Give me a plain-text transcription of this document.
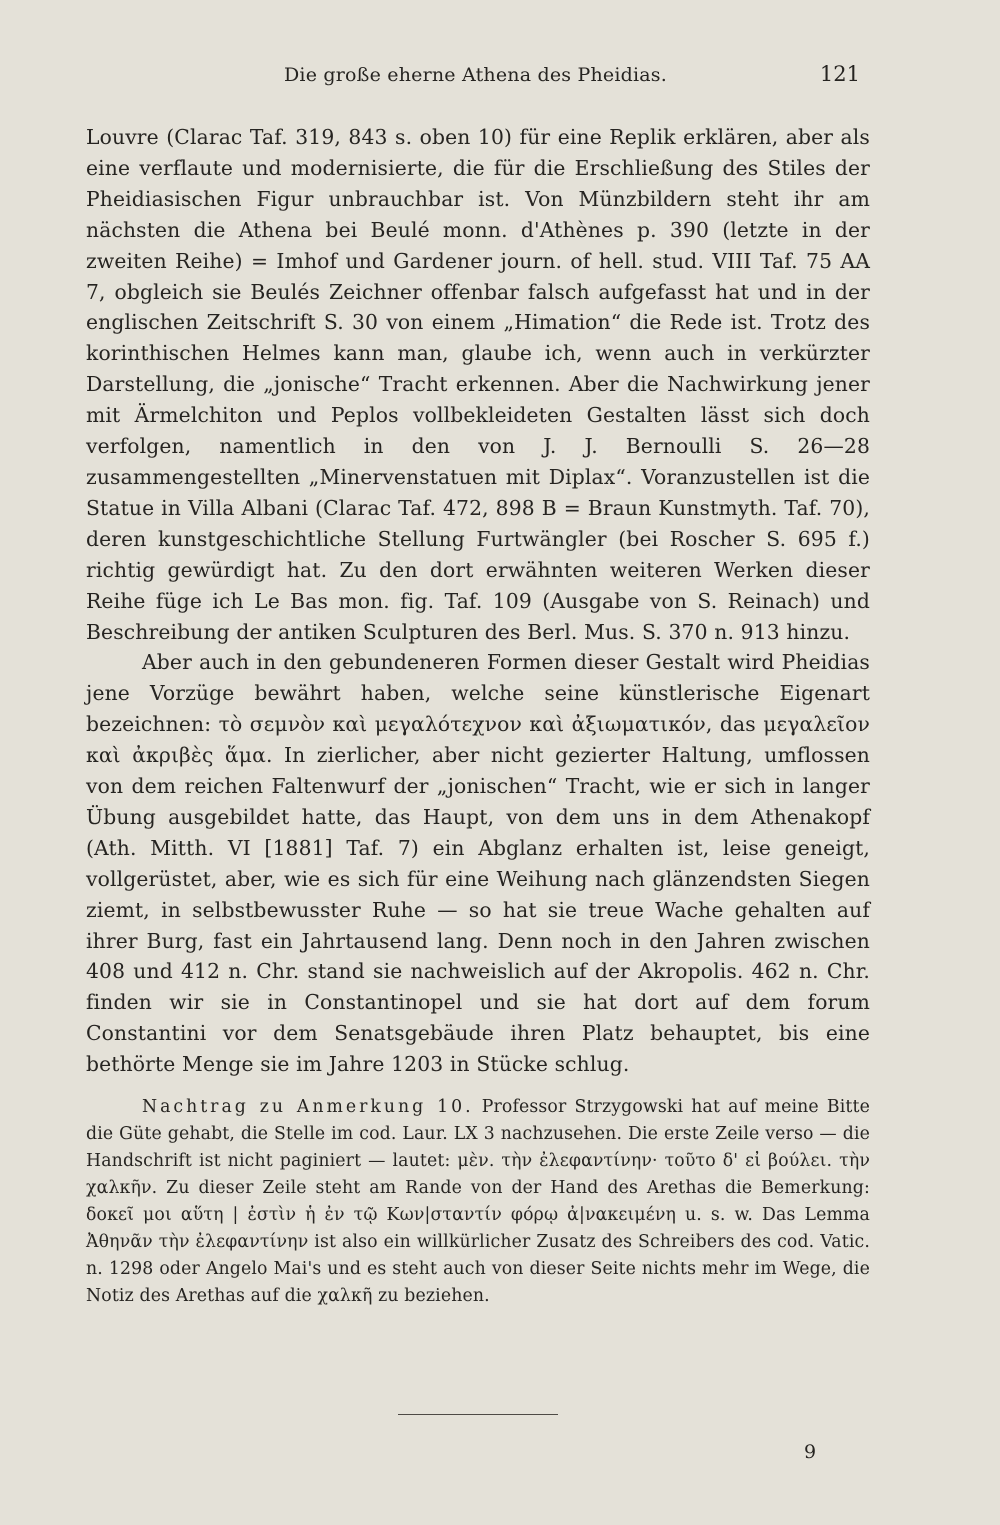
Die große eherne Athena des Pheidias.	121

Louvre (Clarac Taf. 319, 843 s. oben 10) für eine Replik erklären, aber als eine verflaute und modernisierte, die für die Erschließung des Stiles der Pheidiasischen Figur unbrauchbar ist. Von Münzbildern steht ihr am nächsten die Athena bei Beulé monn. d'Athènes p. 390 (letzte in der zweiten Reihe) = Imhof und Gardener journ. of hell. stud. VIII Taf. 75 AA 7, obgleich sie Beulés Zeichner offenbar falsch aufgefasst hat und in der englischen Zeitschrift S. 30 von einem „Himation“ die Rede ist. Trotz des korinthischen Helmes kann man, glaube ich, wenn auch in verkürzter Darstellung, die „jonische“ Tracht erkennen. Aber die Nachwirkung jener mit Ärmelchiton und Peplos vollbekleideten Gestalten lässt sich doch verfolgen, namentlich in den von J. J. Bernoulli S. 26—28 zusammengestellten „Minervenstatuen mit Diplax“. Voranzustellen ist die Statue in Villa Albani (Clarac Taf. 472, 898 B = Braun Kunstmyth. Taf. 70), deren kunstgeschichtliche Stellung Furtwängler (bei Roscher S. 695 f.) richtig gewürdigt hat. Zu den dort erwähnten weiteren Werken dieser Reihe füge ich Le Bas mon. fig. Taf. 109 (Ausgabe von S. Reinach) und Beschreibung der antiken Sculpturen des Berl. Mus. S. 370 n. 913 hinzu.

Aber auch in den gebundeneren Formen dieser Gestalt wird Pheidias jene Vorzüge bewährt haben, welche seine künstlerische Eigenart bezeichnen: τὸ σεμνὸν καὶ μεγαλότεχνον καὶ ἀξιωματικόν, das μεγαλεῖον καὶ ἀκριβὲς ἅμα. In zierlicher, aber nicht gezierter Haltung, umflossen von dem reichen Faltenwurf der „jonischen“ Tracht, wie er sich in langer Übung ausgebildet hatte, das Haupt, von dem uns in dem Athenakopf (Ath. Mitth. VI [1881] Taf. 7) ein Abglanz erhalten ist, leise geneigt, vollgerüstet, aber, wie es sich für eine Weihung nach glänzendsten Siegen ziemt, in selbstbewusster Ruhe — so hat sie treue Wache gehalten auf ihrer Burg, fast ein Jahrtausend lang. Denn noch in den Jahren zwischen 408 und 412 n. Chr. stand sie nachweislich auf der Akropolis. 462 n. Chr. finden wir sie in Constantinopel und sie hat dort auf dem forum Constantini vor dem Senatsgebäude ihren Platz behauptet, bis eine bethörte Menge sie im Jahre 1203 in Stücke schlug.

Nachtrag zu Anmerkung 10. Professor Strzygowski hat auf meine Bitte die Güte gehabt, die Stelle im cod. Laur. LX 3 nachzusehen. Die erste Zeile verso — die Handschrift ist nicht paginiert — lautet: μὲν. τὴν ἐλεφαντίνην· τοῦτο δ' εἰ βούλει. τὴν χαλκῆν. Zu dieser Zeile steht am Rande von der Hand des Arethas die Bemerkung: δοκεῖ μοι αὕτη | ἐστὶν ἡ ἐν τῷ Κων|σταντίν φόρῳ ἀ|νακειμένη u. s. w. Das Lemma Ἀθηνᾶν τὴν ἐλεφαντίνην ist also ein willkürlicher Zusatz des Schreibers des cod. Vatic. n. 1298 oder Angelo Mai's und es steht auch von dieser Seite nichts mehr im Wege, die Notiz des Arethas auf die χαλκῆ zu beziehen.

9
